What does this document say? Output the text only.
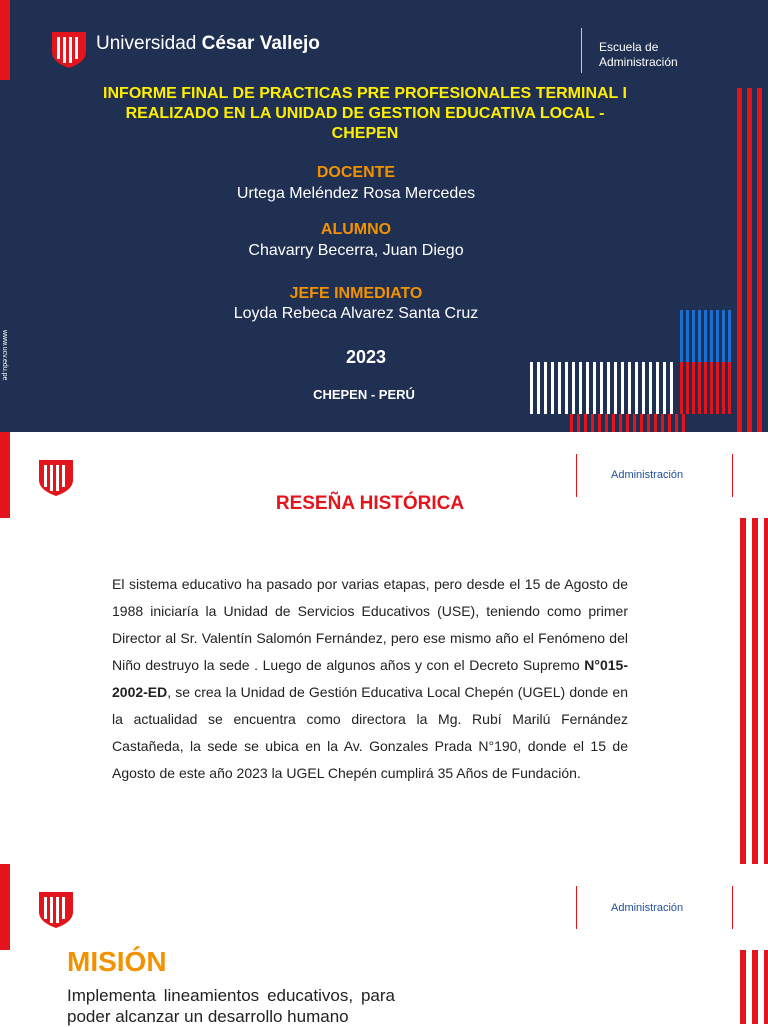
Universidad César Vallejo	Escuela de Administración
INFORME FINAL DE PRACTICAS PRE PROFESIONALES TERMINAL I REALIZADO EN LA UNIDAD DE GESTION EDUCATIVA LOCAL - CHEPEN
DOCENTE
Urtega Meléndez Rosa Mercedes
ALUMNO
Chavarry Becerra, Juan Diego
JEFE INMEDIATO
Loyda Rebeca Alvarez Santa Cruz
2023
CHEPEN - PERÚ
www.ucv.edu.pe
Administración
RESEÑA HISTÓRICA
El sistema educativo ha pasado por varias etapas, pero desde el 15 de Agosto de 1988 iniciaría la Unidad de Servicios Educativos (USE), teniendo como primer Director al Sr. Valentín Salomón Fernández, pero ese mismo año el Fenómeno del Niño destruyo la sede . Luego de algunos años y con el Decreto Supremo N°015-2002-ED, se crea la Unidad de Gestión Educativa Local Chepén (UGEL) donde en la actualidad se encuentra como directora la Mg. Rubí Marilú Fernández Castañeda, la sede se ubica en la Av. Gonzales Prada N°190, donde el 15 de Agosto de este año 2023 la UGEL Chepén cumplirá 35 Años de Fundación.
Administración
MISIÓN
Implementa lineamientos educativos, para poder alcanzar un desarrollo humano
